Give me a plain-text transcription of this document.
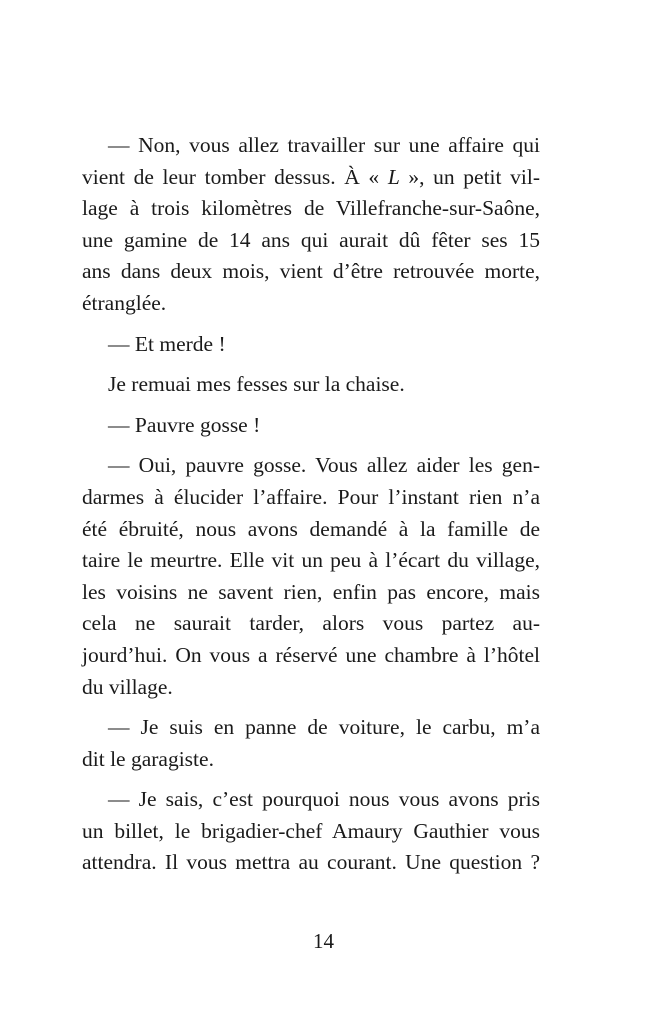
— Non, vous allez travailler sur une affaire qui
vient de leur tomber dessus. À « L », un petit vil-
lage à trois kilomètres de Villefranche-sur-Saône,
une gamine de 14 ans qui aurait dû fêter ses 15
ans dans deux mois, vient d’être retrouvée morte,
étranglée.

— Et merde !

Je remuai mes fesses sur la chaise.

— Pauvre gosse !

— Oui, pauvre gosse. Vous allez aider les gen-
darmes à élucider l’affaire. Pour l’instant rien n’a
été ébruité, nous avons demandé à la famille de
taire le meurtre. Elle vit un peu à l’écart du village,
les voisins ne savent rien, enfin pas encore, mais
cela ne saurait tarder, alors vous partez au-
jourd’hui. On vous a réservé une chambre à l’hôtel
du village.

— Je suis en panne de voiture, le carbu, m’a
dit le garagiste.

— Je sais, c’est pourquoi nous vous avons pris
un billet, le brigadier-chef Amaury Gauthier vous
attendra. Il vous mettra au courant. Une question ?

14
